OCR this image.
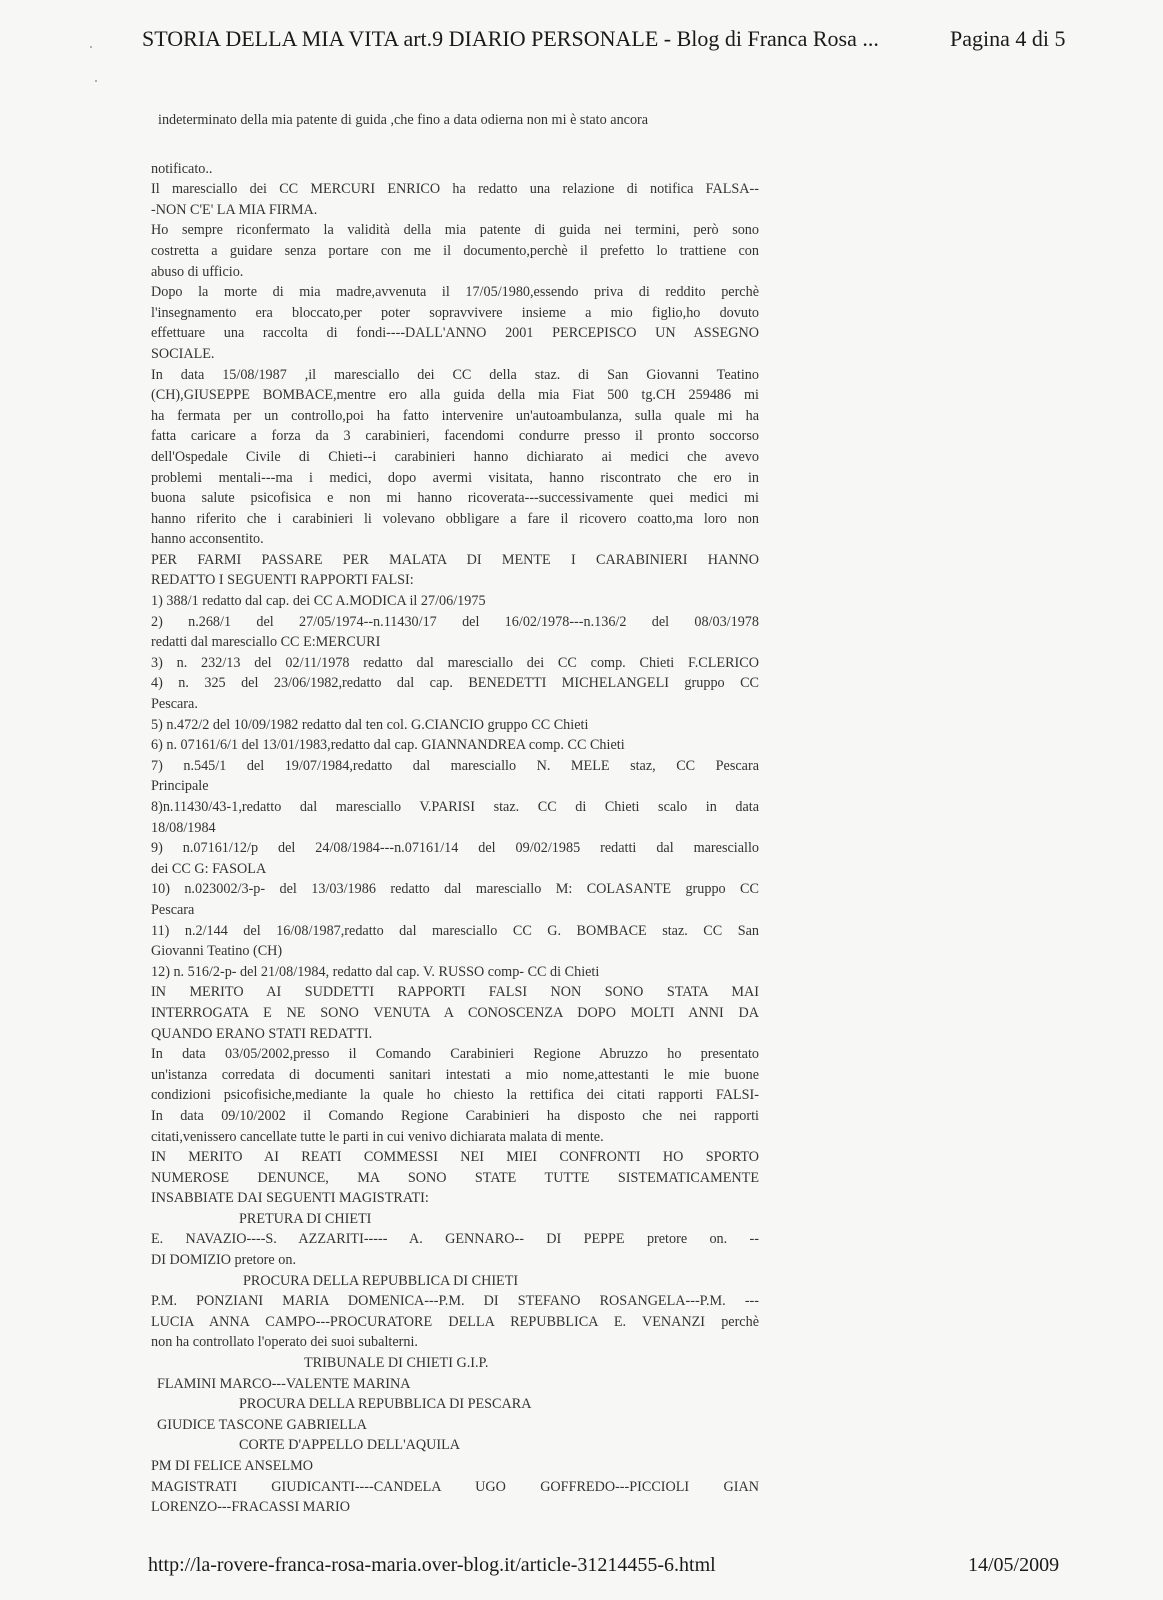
STORIA DELLA MIA VITA art.9 DIARIO PERSONALE - Blog di Franca Rosa ...	Pagina 4 di 5
indeterminato della mia patente di guida ,che fino a data odierna non mi è stato ancora
notificato..
Il maresciallo dei CC MERCURI ENRICO ha redatto una relazione di notifica FALSA--
-NON C'E' LA MIA FIRMA.
Ho sempre riconfermato la validità della mia patente di guida nei termini, però sono
costretta a guidare senza portare con me il documento,perchè il prefetto lo trattiene con
abuso di ufficio.
Dopo la morte di mia madre,avvenuta il 17/05/1980,essendo priva di reddito perchè
l'insegnamento era bloccato,per poter sopravvivere insieme a mio figlio,ho dovuto
effettuare una raccolta di fondi----DALL'ANNO 2001 PERCEPISCO UN ASSEGNO
SOCIALE.
In data 15/08/1987 ,il maresciallo dei CC della staz. di San Giovanni Teatino
(CH),GIUSEPPE BOMBACE,mentre ero alla guida della mia Fiat 500 tg.CH 259486 mi
ha fermata per un controllo,poi ha fatto intervenire un'autoambulanza, sulla quale mi ha
fatta caricare a forza da 3 carabinieri, facendomi condurre presso il pronto soccorso
dell'Ospedale Civile di Chieti--i carabinieri hanno dichiarato ai medici che avevo
problemi mentali---ma i medici, dopo avermi visitata, hanno riscontrato che ero in
buona salute psicofisica e non mi hanno ricoverata---successivamente quei medici mi
hanno riferito che i carabinieri li volevano obbligare a fare il ricovero coatto,ma loro non
hanno acconsentito.
PER FARMI PASSARE PER MALATA DI MENTE I CARABINIERI HANNO
REDATTO I SEGUENTI RAPPORTI FALSI:
1) 388/1 redatto dal cap. dei CC A.MODICA il 27/06/1975
2) n.268/1 del 27/05/1974--n.11430/17 del 16/02/1978---n.136/2 del 08/03/1978
redatti dal maresciallo CC E:MERCURI
3) n. 232/13 del 02/11/1978 redatto dal maresciallo dei CC comp. Chieti F.CLERICO
4) n. 325 del 23/06/1982,redatto dal cap. BENEDETTI MICHELANGELI gruppo CC
Pescara.
5) n.472/2 del 10/09/1982 redatto dal ten col. G.CIANCIO gruppo CC Chieti
6) n. 07161/6/1 del 13/01/1983,redatto dal cap. GIANNANDREA comp. CC Chieti
7) n.545/1 del 19/07/1984,redatto dal maresciallo N. MELE staz, CC Pescara
Principale
8)n.11430/43-1,redatto dal maresciallo V.PARISI staz. CC di Chieti scalo in data
18/08/1984
9) n.07161/12/p del 24/08/1984---n.07161/14 del 09/02/1985 redatti dal maresciallo
dei CC G: FASOLA
10) n.023002/3-p- del 13/03/1986 redatto dal maresciallo M: COLASANTE gruppo CC
Pescara
11) n.2/144 del 16/08/1987,redatto dal maresciallo CC G. BOMBACE staz. CC San
Giovanni Teatino (CH)
12) n. 516/2-p- del 21/08/1984, redatto dal cap. V. RUSSO comp- CC di Chieti
IN MERITO AI SUDDETTI RAPPORTI FALSI NON SONO STATA MAI
INTERROGATA E NE SONO VENUTA A CONOSCENZA DOPO MOLTI ANNI DA
QUANDO ERANO STATI REDATTI.
In data 03/05/2002,presso il Comando Carabinieri Regione Abruzzo ho presentato
un'istanza corredata di documenti sanitari intestati a mio nome,attestanti le mie buone
condizioni psicofisiche,mediante la quale ho chiesto la rettifica dei citati rapporti FALSI-
In data 09/10/2002 il Comando Regione Carabinieri ha disposto che nei rapporti
citati,venissero cancellate tutte le parti in cui venivo dichiarata malata di mente.
IN MERITO AI REATI COMMESSI NEI MIEI CONFRONTI HO SPORTO
NUMEROSE DENUNCE, MA SONO STATE TUTTE SISTEMATICAMENTE
INSABBIATE DAI SEGUENTI MAGISTRATI:
PRETURA DI CHIETI
E. NAVAZIO----S. AZZARITI----- A. GENNARO-- DI PEPPE pretore on. --
DI DOMIZIO pretore on.
PROCURA DELLA REPUBBLICA DI CHIETI
P.M. PONZIANI MARIA DOMENICA---P.M. DI STEFANO ROSANGELA---P.M. ---
LUCIA ANNA CAMPO---PROCURATORE DELLA REPUBBLICA E. VENANZI perchè
non ha controllato l'operato dei suoi subalterni.
TRIBUNALE DI CHIETI G.I.P.
FLAMINI MARCO---VALENTE MARINA
PROCURA DELLA REPUBBLICA DI PESCARA
GIUDICE TASCONE GABRIELLA
CORTE D'APPELLO DELL'AQUILA
PM DI FELICE ANSELMO
MAGISTRATI GIUDICANTI----CANDELA UGO GOFFREDO---PICCIOLI GIAN
LORENZO---FRACASSI MARIO
http://la-rovere-franca-rosa-maria.over-blog.it/article-31214455-6.html	14/05/2009
